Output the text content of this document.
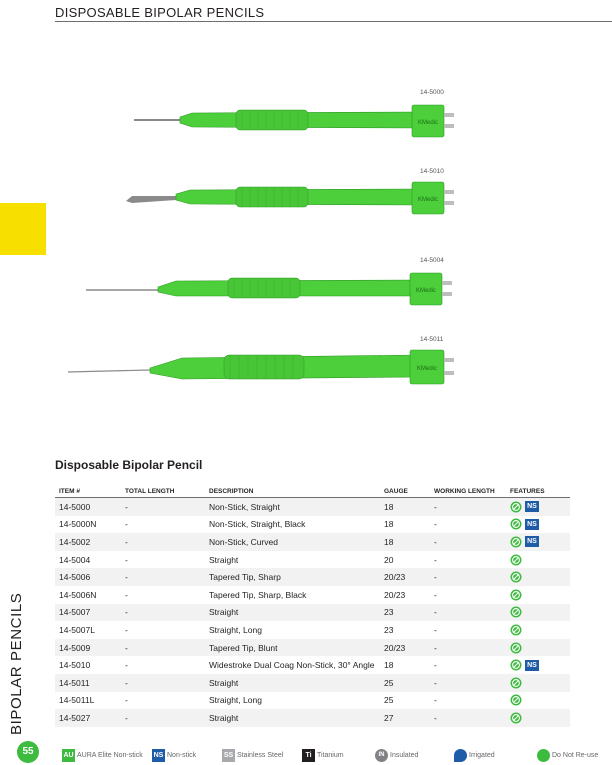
DISPOSABLE BIPOLAR PENCILS
BIPOLAR PENCILS
55
14-5000
KMedic
14-5010
KMedic
14-5004
KMedic
14-5011
KMedic
Disposable Bipolar Pencil
ITEM #	TOTAL LENGTH	DESCRIPTION	GAUGE	WORKING LENGTH	FEATURES
14-5000	-	Non-Stick, Straight	18	-	NS
14-5000N	-	Non-Stick, Straight, Black	18	-	NS
14-5002	-	Non-Stick, Curved	18	-	NS
14-5004	-	Straight	20	-	
14-5006	-	Tapered Tip, Sharp	20/23	-	
14-5006N	-	Tapered Tip, Sharp, Black	20/23	-	
14-5007	-	Straight	23	-	
14-5007L	-	Straight, Long	23	-	
14-5009	-	Tapered Tip, Blunt	20/23	-	
14-5010	-	Widestroke Dual Coag Non-Stick, 30° Angle	18	-	NS
14-5011	-	Straight	25	-	
14-5011L	-	Straight, Long	25	-	
14-5027	-	Straight	27	-	
AU AURA Elite Non-stick NS Non-stick	SS Stainless Steel	Ti Titanium	IN Insulated	Irrigated	Do Not Re-use
